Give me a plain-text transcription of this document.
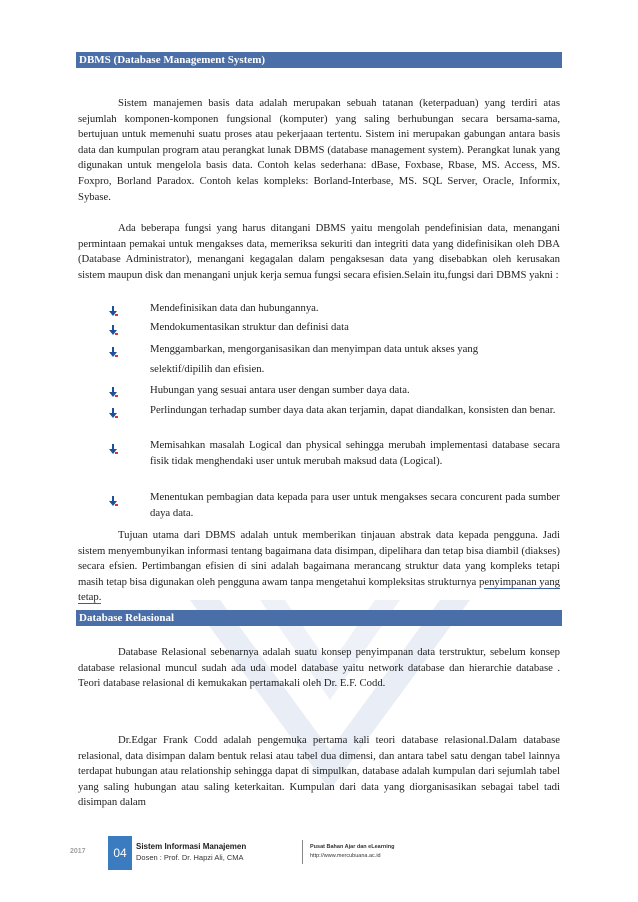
DBMS (Database Management System)

Sistem manajemen basis data adalah merupakan sebuah tatanan (keterpaduan) yang terdiri atas sejumlah komponen-komponen fungsional (komputer) yang saling berhubungan secara bersama-sama, bertujuan untuk memenuhi suatu proses atau pekerjaaan tertentu. Sistem ini merupakan gabungan antara basis data dan kumpulan program atau perangkat lunak DBMS (database management system). Perangkat lunak yang digunakan untuk mengelola basis data. Contoh kelas sederhana: dBase, Foxbase, Rbase, MS. Access, MS. Foxpro, Borland Paradox. Contoh kelas kompleks: Borland-Interbase, MS. SQL Server, Oracle, Informix, Sybase.

Ada beberapa fungsi yang harus ditangani DBMS yaitu mengolah pendefinisian data, menangani permintaan pemakai untuk mengakses data, memeriksa sekuriti dan integriti data yang didefinisikan oleh DBA (Database Administrator), menangani kegagalan dalam pengaksesan data yang disebabkan oleh kerusakan sistem maupun disk dan menangani unjuk kerja semua fungsi secara efisien.Selain itu,fungsi dari DBMS yakni :

Mendefinisikan data dan hubungannya.

Mendokumentasikan struktur dan definisi data

Menggambarkan, mengorganisasikan dan menyimpan data untuk akses yang

selektif/dipilih dan efisien.

Hubungan yang sesuai antara user dengan sumber daya data.

Perlindungan terhadap sumber daya data akan terjamin, dapat diandalkan, konsisten dan benar.

Memisahkan masalah Logical dan physical sehingga merubah implementasi database secara fisik tidak menghendaki user untuk merubah maksud data (Logical).

Menentukan pembagian data kepada para user untuk mengakses secara concurent pada sumber daya data.

Tujuan utama dari DBMS adalah untuk memberikan tinjauan abstrak data kepada pengguna. Jadi sistem menyembunyikan informasi tentang bagaimana data disimpan, dipelihara dan tetap bisa diambil (diakses) secara efsien. Pertimbangan efisien di sini adalah bagaimana merancang struktur data yang kompleks tetapi masih tetap bisa digunakan oleh pengguna awam tanpa mengetahui kompleksitas strukturnya penyimpanan yang tetap.

Database Relasional

Database Relasional sebenarnya adalah suatu konsep penyimpanan data terstruktur, sebelum konsep database relasional muncul sudah ada uda model database yaitu network database dan hierarchie database . Teori database relasional di kemukakan pertamakali oleh Dr. E.F. Codd.

Dr.Edgar Frank Codd adalah pengemuka pertama kali teori database relasional.Dalam database relasional, data disimpan dalam bentuk relasi atau tabel dua dimensi, dan antara tabel satu dengan tabel lainnya terdapat hubungan atau relationship sehingga dapat di simpulkan, database adalah kumpulan dari sejumlah tabel yang saling hubungan atau saling keterkaitan. Kumpulan dari data yang diorganisasikan sebagai tabel tadi disimpan dalam

2017	04	Sistem Informasi Manajemen
Dosen : Prof. Dr. Hapzi Ali, CMA
Pusat Bahan Ajar dan eLearning
http://www.mercubuana.ac.id
